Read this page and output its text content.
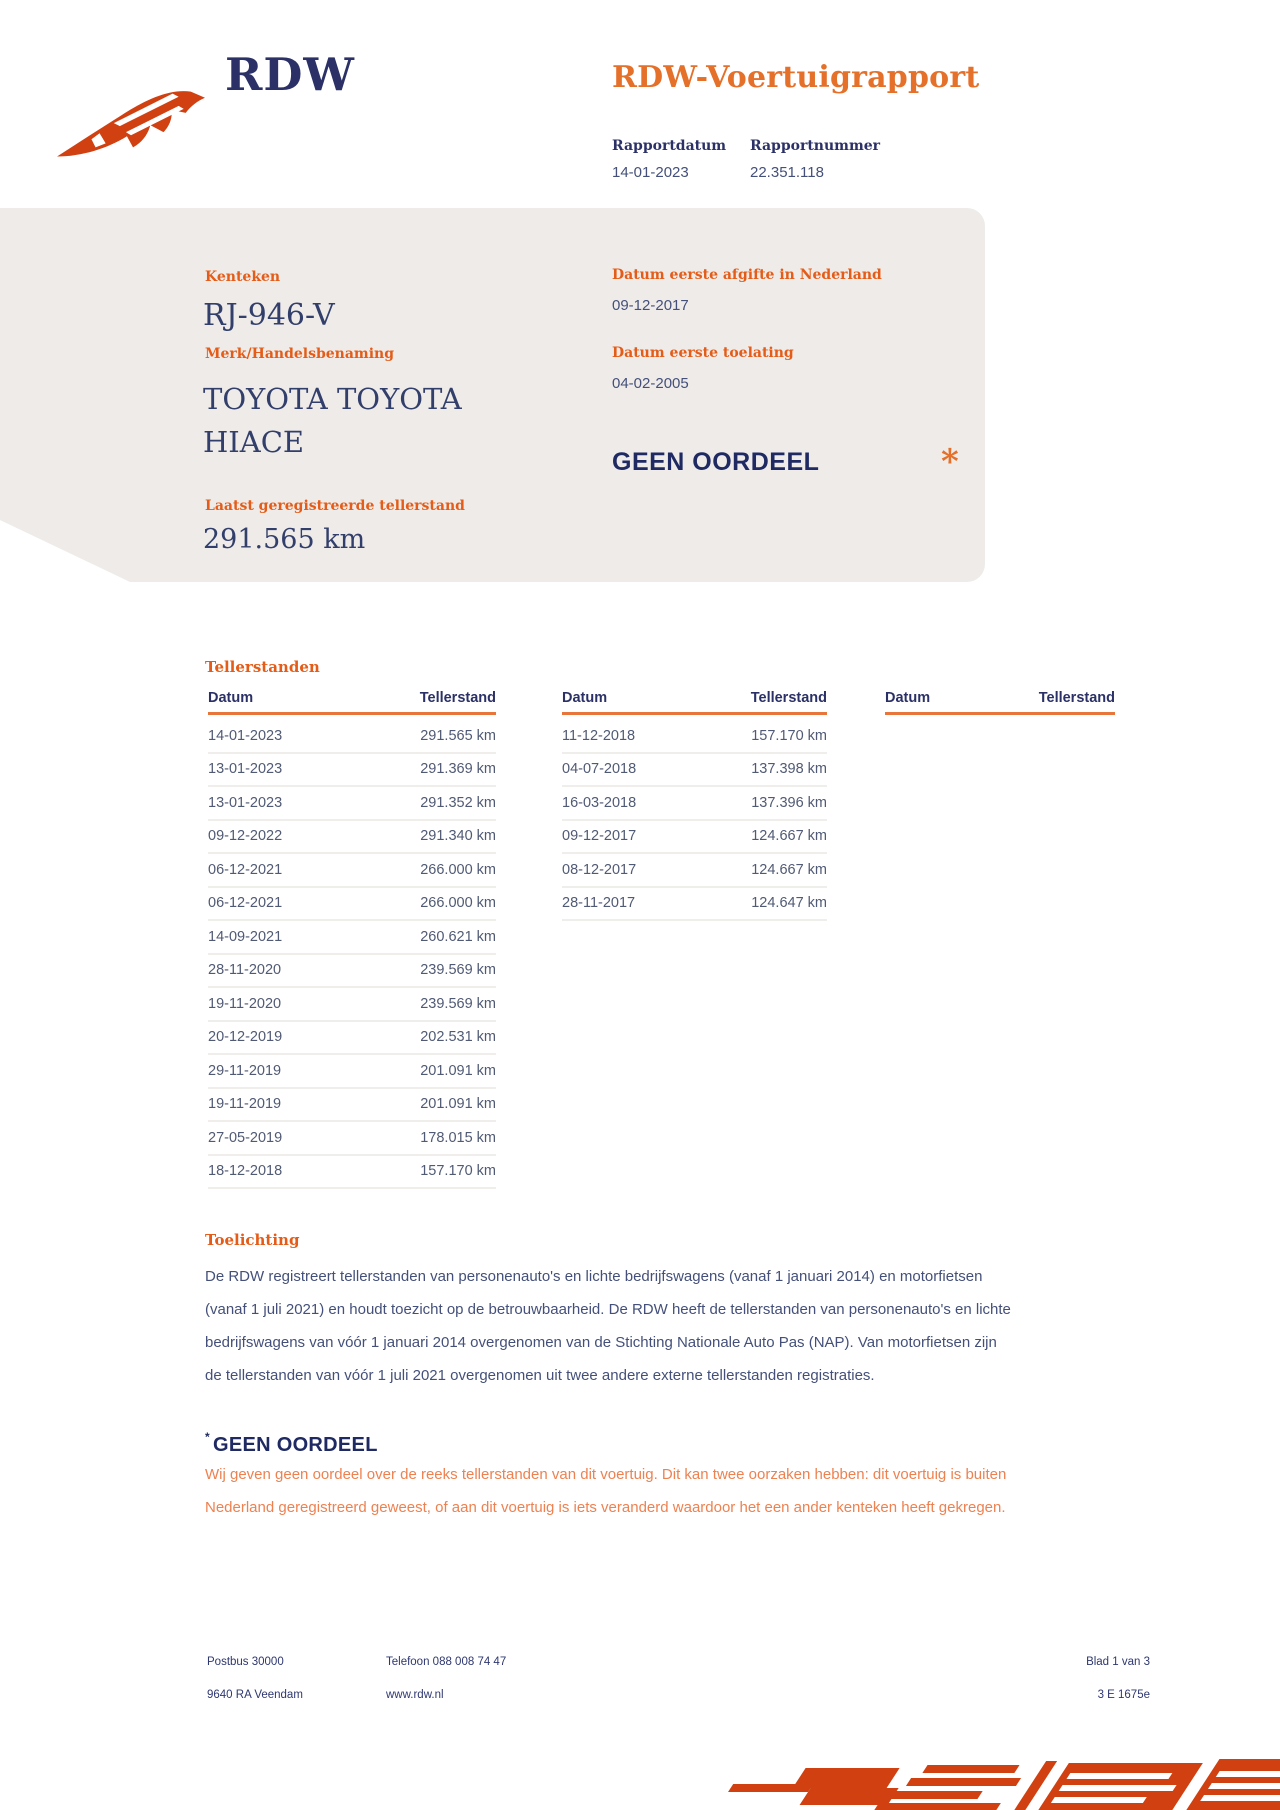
RDW	RDW-Voertuigrapport
Rapportdatum Rapportnummer
14-01-2023	22.351.118
Kenteken
RJ-946-V
Merk/Handelsbenaming
TOYOTA TOYOTA HIACE
Datum eerste afgifte in Nederland
09-12-2017
Datum eerste toelating
04-02-2005
GEEN OORDEEL	*
Laatst geregistreerde tellerstand
291.565 km
Tellerstanden
Datum	Tellerstand
14-01-2023	291.565 km
13-01-2023	291.369 km
13-01-2023	291.352 km
09-12-2022	291.340 km
06-12-2021	266.000 km
06-12-2021	266.000 km
14-09-2021	260.621 km
28-11-2020	239.569 km
19-11-2020	239.569 km
20-12-2019	202.531 km
29-11-2019	201.091 km
19-11-2019	201.091 km
27-05-2019	178.015 km
18-12-2018	157.170 km
Datum	Tellerstand
11-12-2018	157.170 km
04-07-2018	137.398 km
16-03-2018	137.396 km
09-12-2017	124.667 km
08-12-2017	124.667 km
28-11-2017	124.647 km
Datum	Tellerstand
Toelichting
De RDW registreert tellerstanden van personenauto's en lichte bedrijfswagens (vanaf 1 januari 2014) en motorfietsen (vanaf 1 juli 2021) en houdt toezicht op de betrouwbaarheid. De RDW heeft de tellerstanden van personenauto's en lichte bedrijfswagens van vóór 1 januari 2014 overgenomen van de Stichting Nationale Auto Pas (NAP). Van motorfietsen zijn de tellerstanden van vóór 1 juli 2021 overgenomen uit twee andere externe tellerstanden registraties.
* GEEN OORDEEL
Wij geven geen oordeel over de reeks tellerstanden van dit voertuig. Dit kan twee oorzaken hebben: dit voertuig is buiten Nederland geregistreerd geweest, of aan dit voertuig is iets veranderd waardoor het een ander kenteken heeft gekregen.
Postbus 30000
9640 RA Veendam
Telefoon 088 008 74 47
www.rdw.nl
Blad 1 van 3
3 E 1675e
